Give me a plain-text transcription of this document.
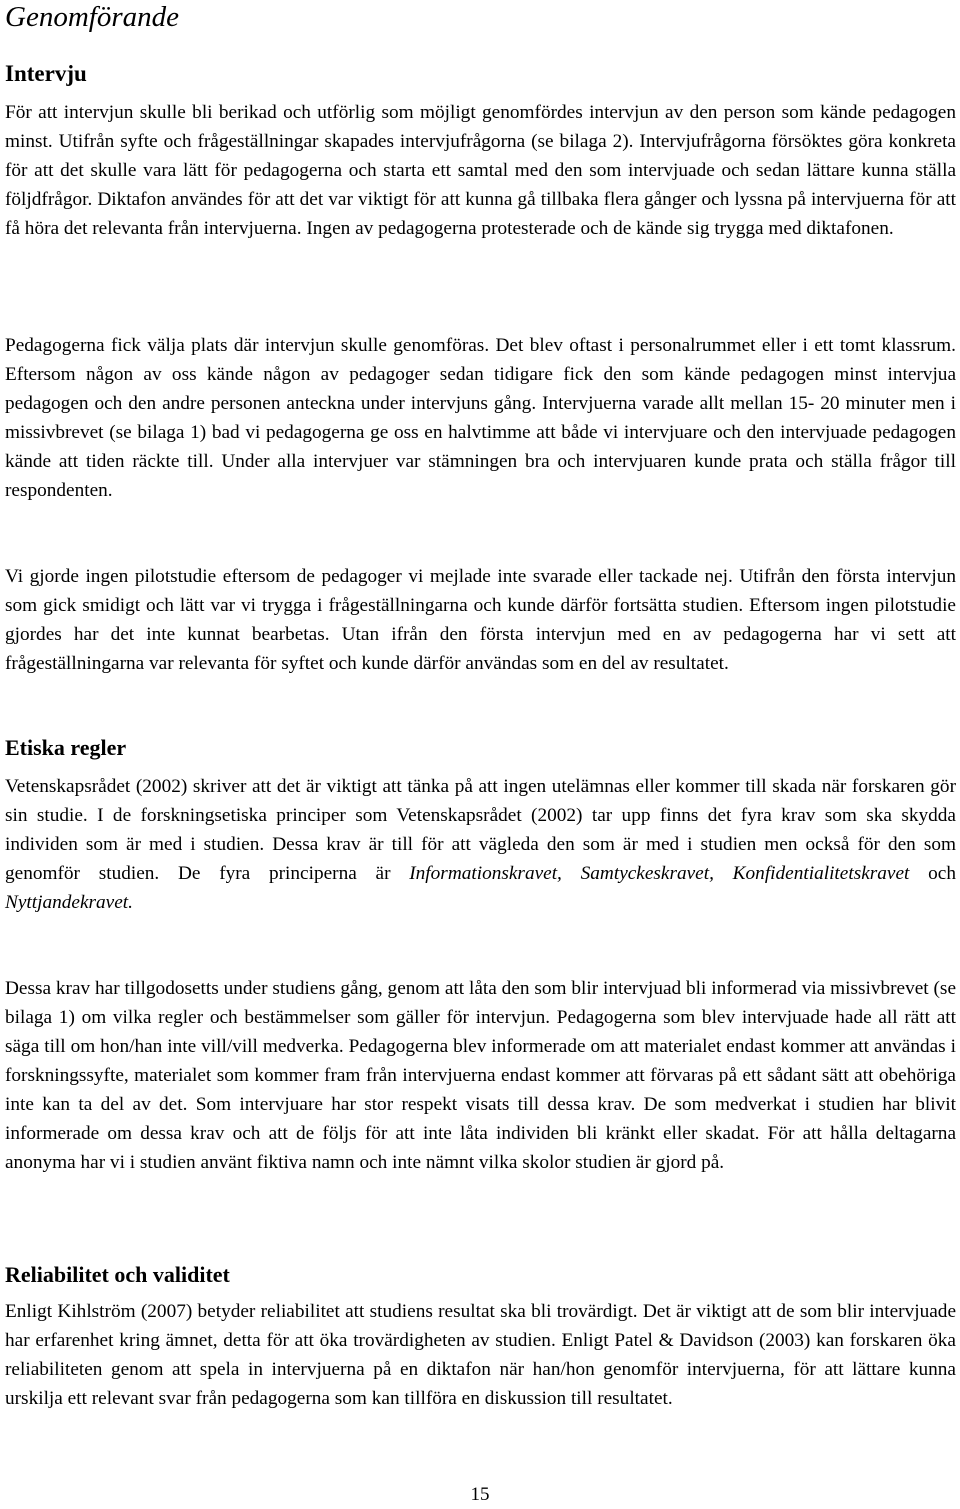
Genomförande
Intervju

För att intervjun skulle bli berikad och utförlig som möjligt genomfördes intervjun av den person som kände pedagogen minst. Utifrån syfte och frågeställningar skapades intervjufrågorna (se bilaga 2). Intervjufrågorna försöktes göra konkreta för att det skulle vara lätt för pedagogerna och starta ett samtal med den som intervjuade och sedan lättare kunna ställa följdfrågor. Diktafon användes för att det var viktigt för att kunna gå tillbaka flera gånger och lyssna på intervjuerna för att få höra det relevanta från intervjuerna. Ingen av pedagogerna protesterade och de kände sig trygga med diktafonen.

Pedagogerna fick välja plats där intervjun skulle genomföras. Det blev oftast i personalrummet eller i ett tomt klassrum. Eftersom någon av oss kände någon av pedagoger sedan tidigare fick den som kände pedagogen minst intervjua pedagogen och den andre personen anteckna under intervjuns gång. Intervjuerna varade allt mellan 15- 20 minuter men i missivbrevet (se bilaga 1) bad vi pedagogerna ge oss en halvtimme att både vi intervjuare och den intervjuade pedagogen kände att tiden räckte till. Under alla intervjuer var stämningen bra och intervjuaren kunde prata och ställa frågor till respondenten.

Vi gjorde ingen pilotstudie eftersom de pedagoger vi mejlade inte svarade eller tackade nej. Utifrån den första intervjun som gick smidigt och lätt var vi trygga i frågeställningarna och kunde därför fortsätta studien. Eftersom ingen pilotstudie gjordes har det inte kunnat bearbetas. Utan ifrån den första intervjun med en av pedagogerna har vi sett att frågeställningarna var relevanta för syftet och kunde därför användas som en del av resultatet.

Etiska regler

Vetenskapsrådet (2002) skriver att det är viktigt att tänka på att ingen utelämnas eller kommer till skada när forskaren gör sin studie. I de forskningsetiska principer som Vetenskapsrådet (2002) tar upp finns det fyra krav som ska skydda individen som är med i studien. Dessa krav är till för att vägleda den som är med i studien men också för den som genomför studien. De fyra principerna är Informationskravet, Samtyckeskravet, Konfidentialitetskravet och Nyttjandekravet.

Dessa krav har tillgodosetts under studiens gång, genom att låta den som blir intervjuad bli informerad via missivbrevet (se bilaga 1) om vilka regler och bestämmelser som gäller för intervjun. Pedagogerna som blev intervjuade hade all rätt att säga till om hon/han inte vill/vill medverka. Pedagogerna blev informerade om att materialet endast kommer att användas i forskningssyfte, materialet som kommer fram från intervjuerna endast kommer att förvaras på ett sådant sätt att obehöriga inte kan ta del av det. Som intervjuare har stor respekt visats till dessa krav. De som medverkat i studien har blivit informerade om dessa krav och att de följs för att inte låta individen bli kränkt eller skadat. För att hålla deltagarna anonyma har vi i studien använt fiktiva namn och inte nämnt vilka skolor studien är gjord på.

Reliabilitet och validitet

Enligt Kihlström (2007) betyder reliabilitet att studiens resultat ska bli trovärdigt. Det är viktigt att de som blir intervjuade har erfarenhet kring ämnet, detta för att öka trovärdigheten av studien. Enligt Patel & Davidson (2003) kan forskaren öka reliabiliteten genom att spela in intervjuerna på en diktafon när han/hon genomför intervjuerna, för att lättare kunna urskilja ett relevant svar från pedagogerna som kan tillföra en diskussion till resultatet.

15
